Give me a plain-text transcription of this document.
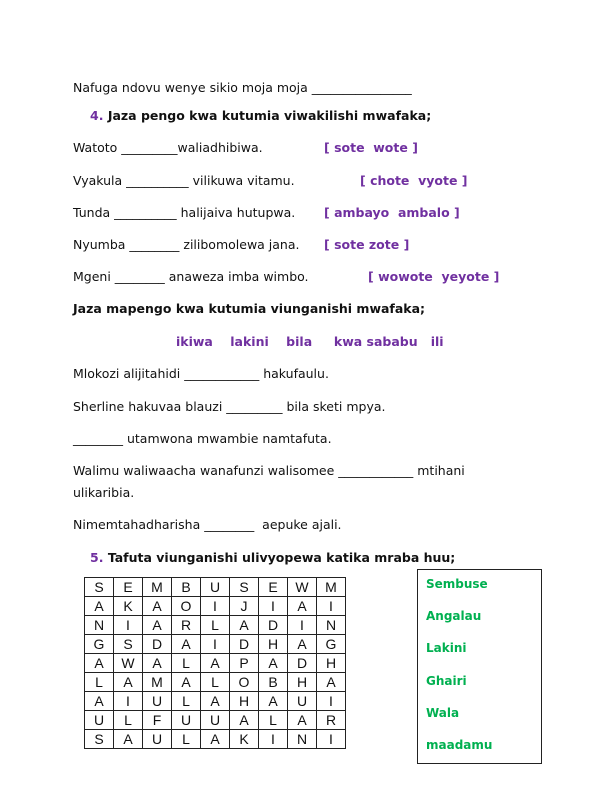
Nafuga ndovu wenye sikio moja moja ________________
4. Jaza pengo kwa kutumia viwakilishi mwafaka;
Watoto _________waliadhibiwa.	[ sote  wote ]
Vyakula __________ vilikuwa vitamu.	[ chote  vyote ]
Tunda __________ halijaiva hutupwa. [ ambayo  ambalo ]
Nyumba ________ zilibomolewa jana. [ sote zote ]
Mgeni ________ anaweza imba wimbo.	[ wowote  yeyote ]
Jaza mapengo kwa kutumia viunganishi mwafaka;
ikiwa    lakini    bila     kwa sababu   ili
Mlokozi alijitahidi ____________ hakufaulu.
Sherline hakuvaa blauzi _________ bila sketi mpya.
________ utamwona mwambie namtafuta.
Walimu waliwaacha wanafunzi walisomee ____________ mtihani
ulikaribia.
Nimemtahadharisha ________  aepuke ajali.
5. Tafuta viunganishi ulivyopewa katika mraba huu;
S	E	M	B	U	S	E	W	M
A	K	A	O	I	J	I	A	I
N	I	A	R	L	A	D	I	N
G	S	D	A	I	D	H	A	G
A	W	A	L	A	P	A	D	H
L	A	M	A	L	O	B	H	A
A	I	U	L	A	H	A	U	I
U	L	F	U	U	A	L	A	R
S	A	U	L	A	K	I	N	I
Sembuse
Angalau
Lakini
Ghairi
Wala
maadamu
